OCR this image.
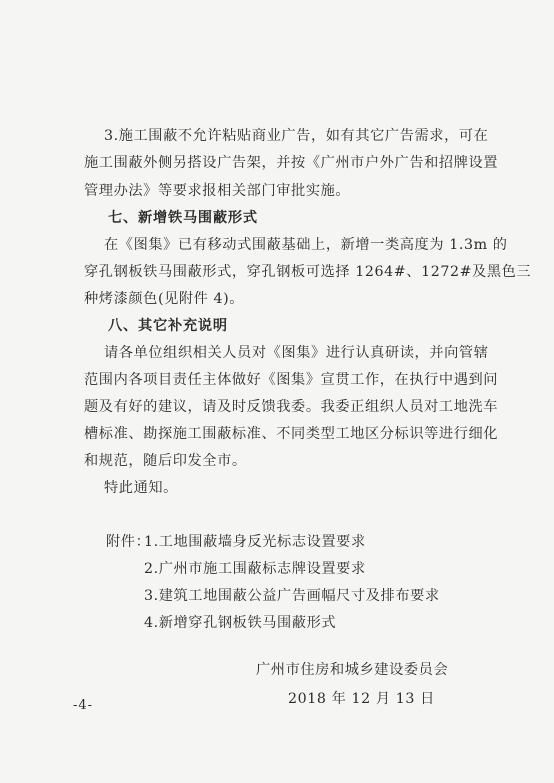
3.施工围蔽不允许粘贴商业广告，如有其它广告需求，可在
施工围蔽外侧另搭设广告架，并按《广州市户外广告和招牌设置
管理办法》等要求报相关部门审批实施。
七、新增铁马围蔽形式
在《图集》已有移动式围蔽基础上，新增一类高度为 1.3m 的
穿孔钢板铁马围蔽形式，穿孔钢板可选择 1264#、1272#及黑色三
种烤漆颜色(见附件 4)。
八、其它补充说明
请各单位组织相关人员对《图集》进行认真研读，并向管辖
范围内各项目责任主体做好《图集》宣贯工作，在执行中遇到问
题及有好的建议，请及时反馈我委。我委正组织人员对工地洗车
槽标准、勘探施工围蔽标准、不同类型工地区分标识等进行细化
和规范，随后印发全市。
特此通知。
附件：
1.工地围蔽墙身反光标志设置要求
2.广州市施工围蔽标志牌设置要求
3.建筑工地围蔽公益广告画幅尺寸及排布要求
4.新增穿孔钢板铁马围蔽形式
广州市住房和城乡建设委员会
2018 年 12 月 13 日
-4-
